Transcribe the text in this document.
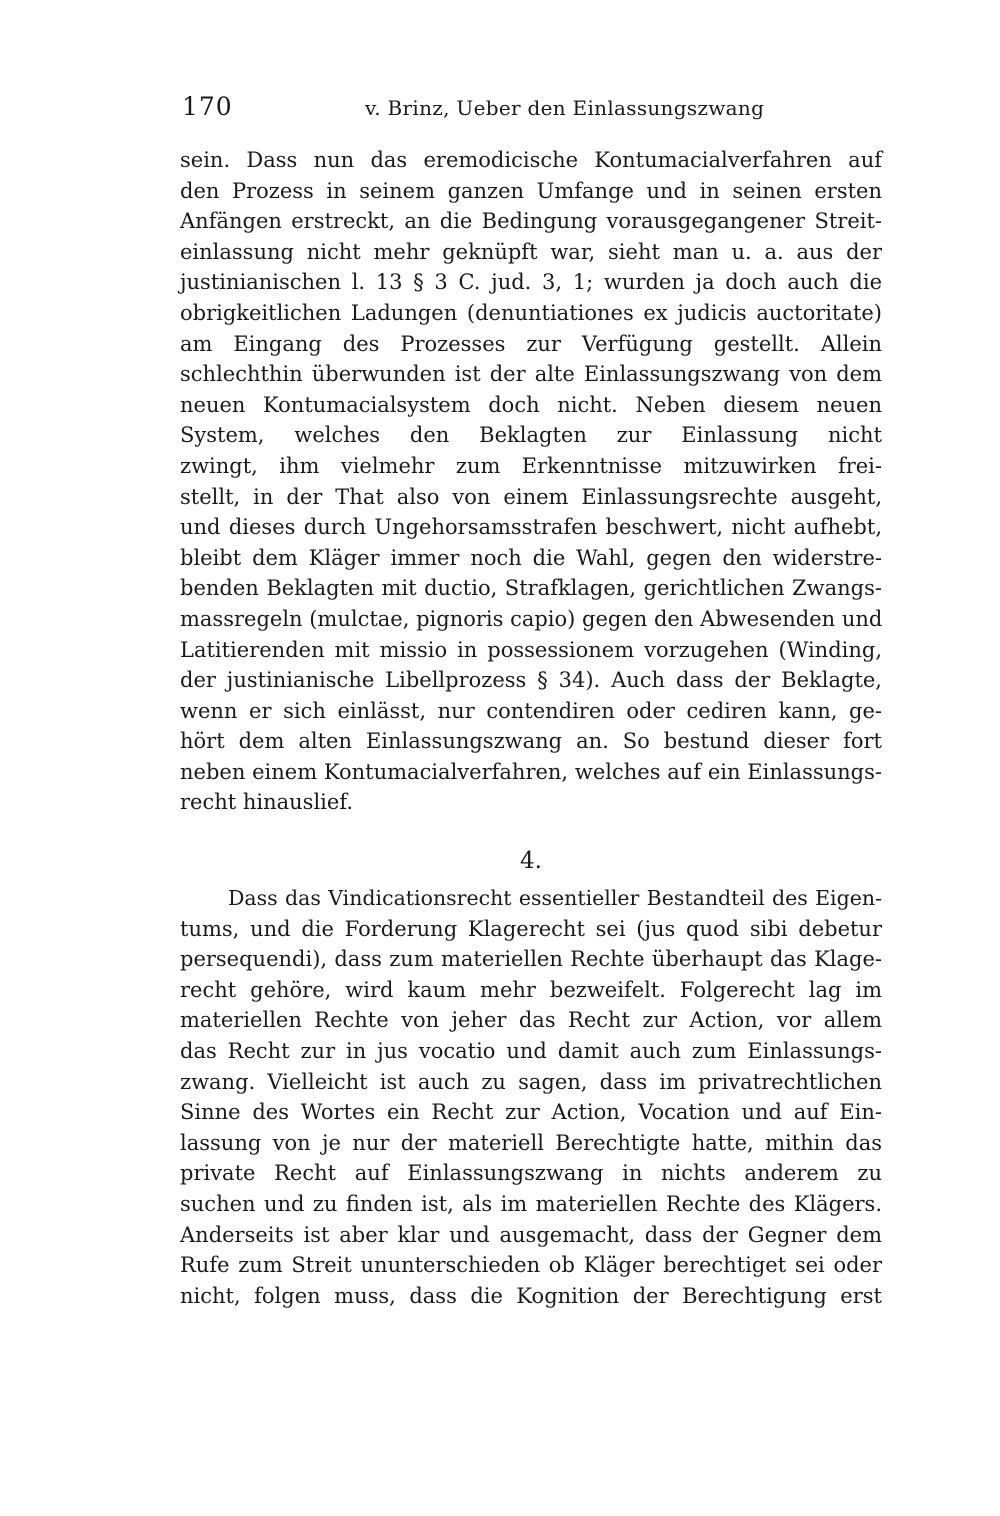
170	v. Brinz, Ueber den Einlassungszwang
sein. Dass nun das eremodicische Kontumacialverfahren auf
den Prozess in seinem ganzen Umfange und in seinen ersten
Anfängen erstreckt, an die Bedingung vorausgegangener Streit-
einlassung nicht mehr geknüpft war, sieht man u. a. aus der
justinianischen l. 13 § 3 C. jud. 3, 1; wurden ja doch auch die
obrigkeitlichen Ladungen (denuntiationes ex judicis auctoritate)
am Eingang des Prozesses zur Verfügung gestellt. Allein
schlechthin überwunden ist der alte Einlassungszwang von dem
neuen Kontumacialsystem doch nicht. Neben diesem neuen
System, welches den Beklagten zur Einlassung nicht
zwingt, ihm vielmehr zum Erkenntnisse mitzuwirken frei-
stellt, in der That also von einem Einlassungsrechte ausgeht,
und dieses durch Ungehorsamsstrafen beschwert, nicht aufhebt,
bleibt dem Kläger immer noch die Wahl, gegen den widerstre-
benden Beklagten mit ductio, Strafklagen, gerichtlichen Zwangs-
massregeln (mulctae, pignoris capio) gegen den Abwesenden und
Latitierenden mit missio in possessionem vorzugehen (Winding,
der justinianische Libellprozess § 34). Auch dass der Beklagte,
wenn er sich einlässt, nur contendiren oder cediren kann, ge-
hört dem alten Einlassungszwang an. So bestund dieser fort
neben einem Kontumacialverfahren, welches auf ein Einlassungs-
recht hinauslief.
4.
Dass das Vindicationsrecht essentieller Bestandteil des Eigen-
tums, und die Forderung Klagerecht sei (jus quod sibi debetur
persequendi), dass zum materiellen Rechte überhaupt das Klage-
recht gehöre, wird kaum mehr bezweifelt. Folgerecht lag im
materiellen Rechte von jeher das Recht zur Action, vor allem
das Recht zur in jus vocatio und damit auch zum Einlassungs-
zwang. Vielleicht ist auch zu sagen, dass im privatrechtlichen
Sinne des Wortes ein Recht zur Action, Vocation und auf Ein-
lassung von je nur der materiell Berechtigte hatte, mithin das
private Recht auf Einlassungszwang in nichts anderem zu
suchen und zu finden ist, als im materiellen Rechte des Klägers.
Anderseits ist aber klar und ausgemacht, dass der Gegner dem
Rufe zum Streit ununterschieden ob Kläger berechtiget sei oder
nicht, folgen muss, dass die Kognition der Berechtigung erst
